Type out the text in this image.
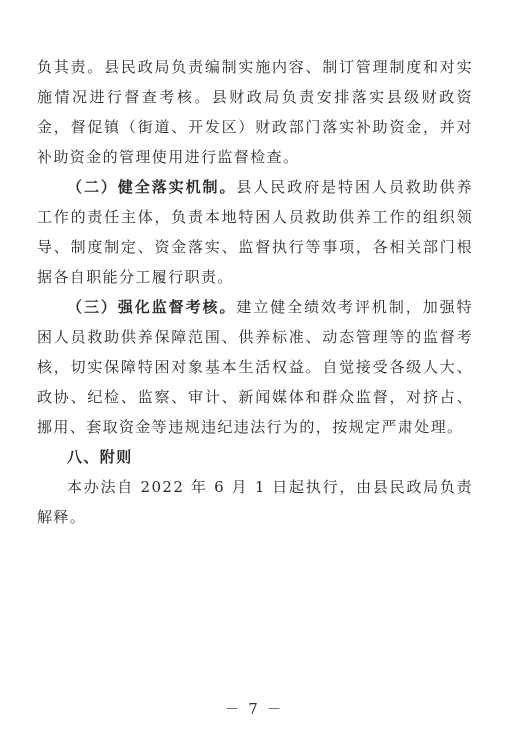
负其责。县民政局负责编制实施内容、制订管理制度和对实施情况进行督查考核。县财政局负责安排落实县级财政资金，督促镇（街道、开发区）财政部门落实补助资金，并对补助资金的管理使用进行监督检查。

（二）健全落实机制。县人民政府是特困人员救助供养工作的责任主体，负责本地特困人员救助供养工作的组织领导、制度制定、资金落实、监督执行等事项，各相关部门根据各自职能分工履行职责。

（三）强化监督考核。建立健全绩效考评机制，加强特困人员救助供养保障范围、供养标准、动态管理等的监督考核，切实保障特困对象基本生活权益。自觉接受各级人大、政协、纪检、监察、审计、新闻媒体和群众监督，对挤占、挪用、套取资金等违规违纪违法行为的，按规定严肃处理。

八、附则

本办法自 2022 年 6 月 1 日起执行，由县民政局负责解释。

－ 7 －
